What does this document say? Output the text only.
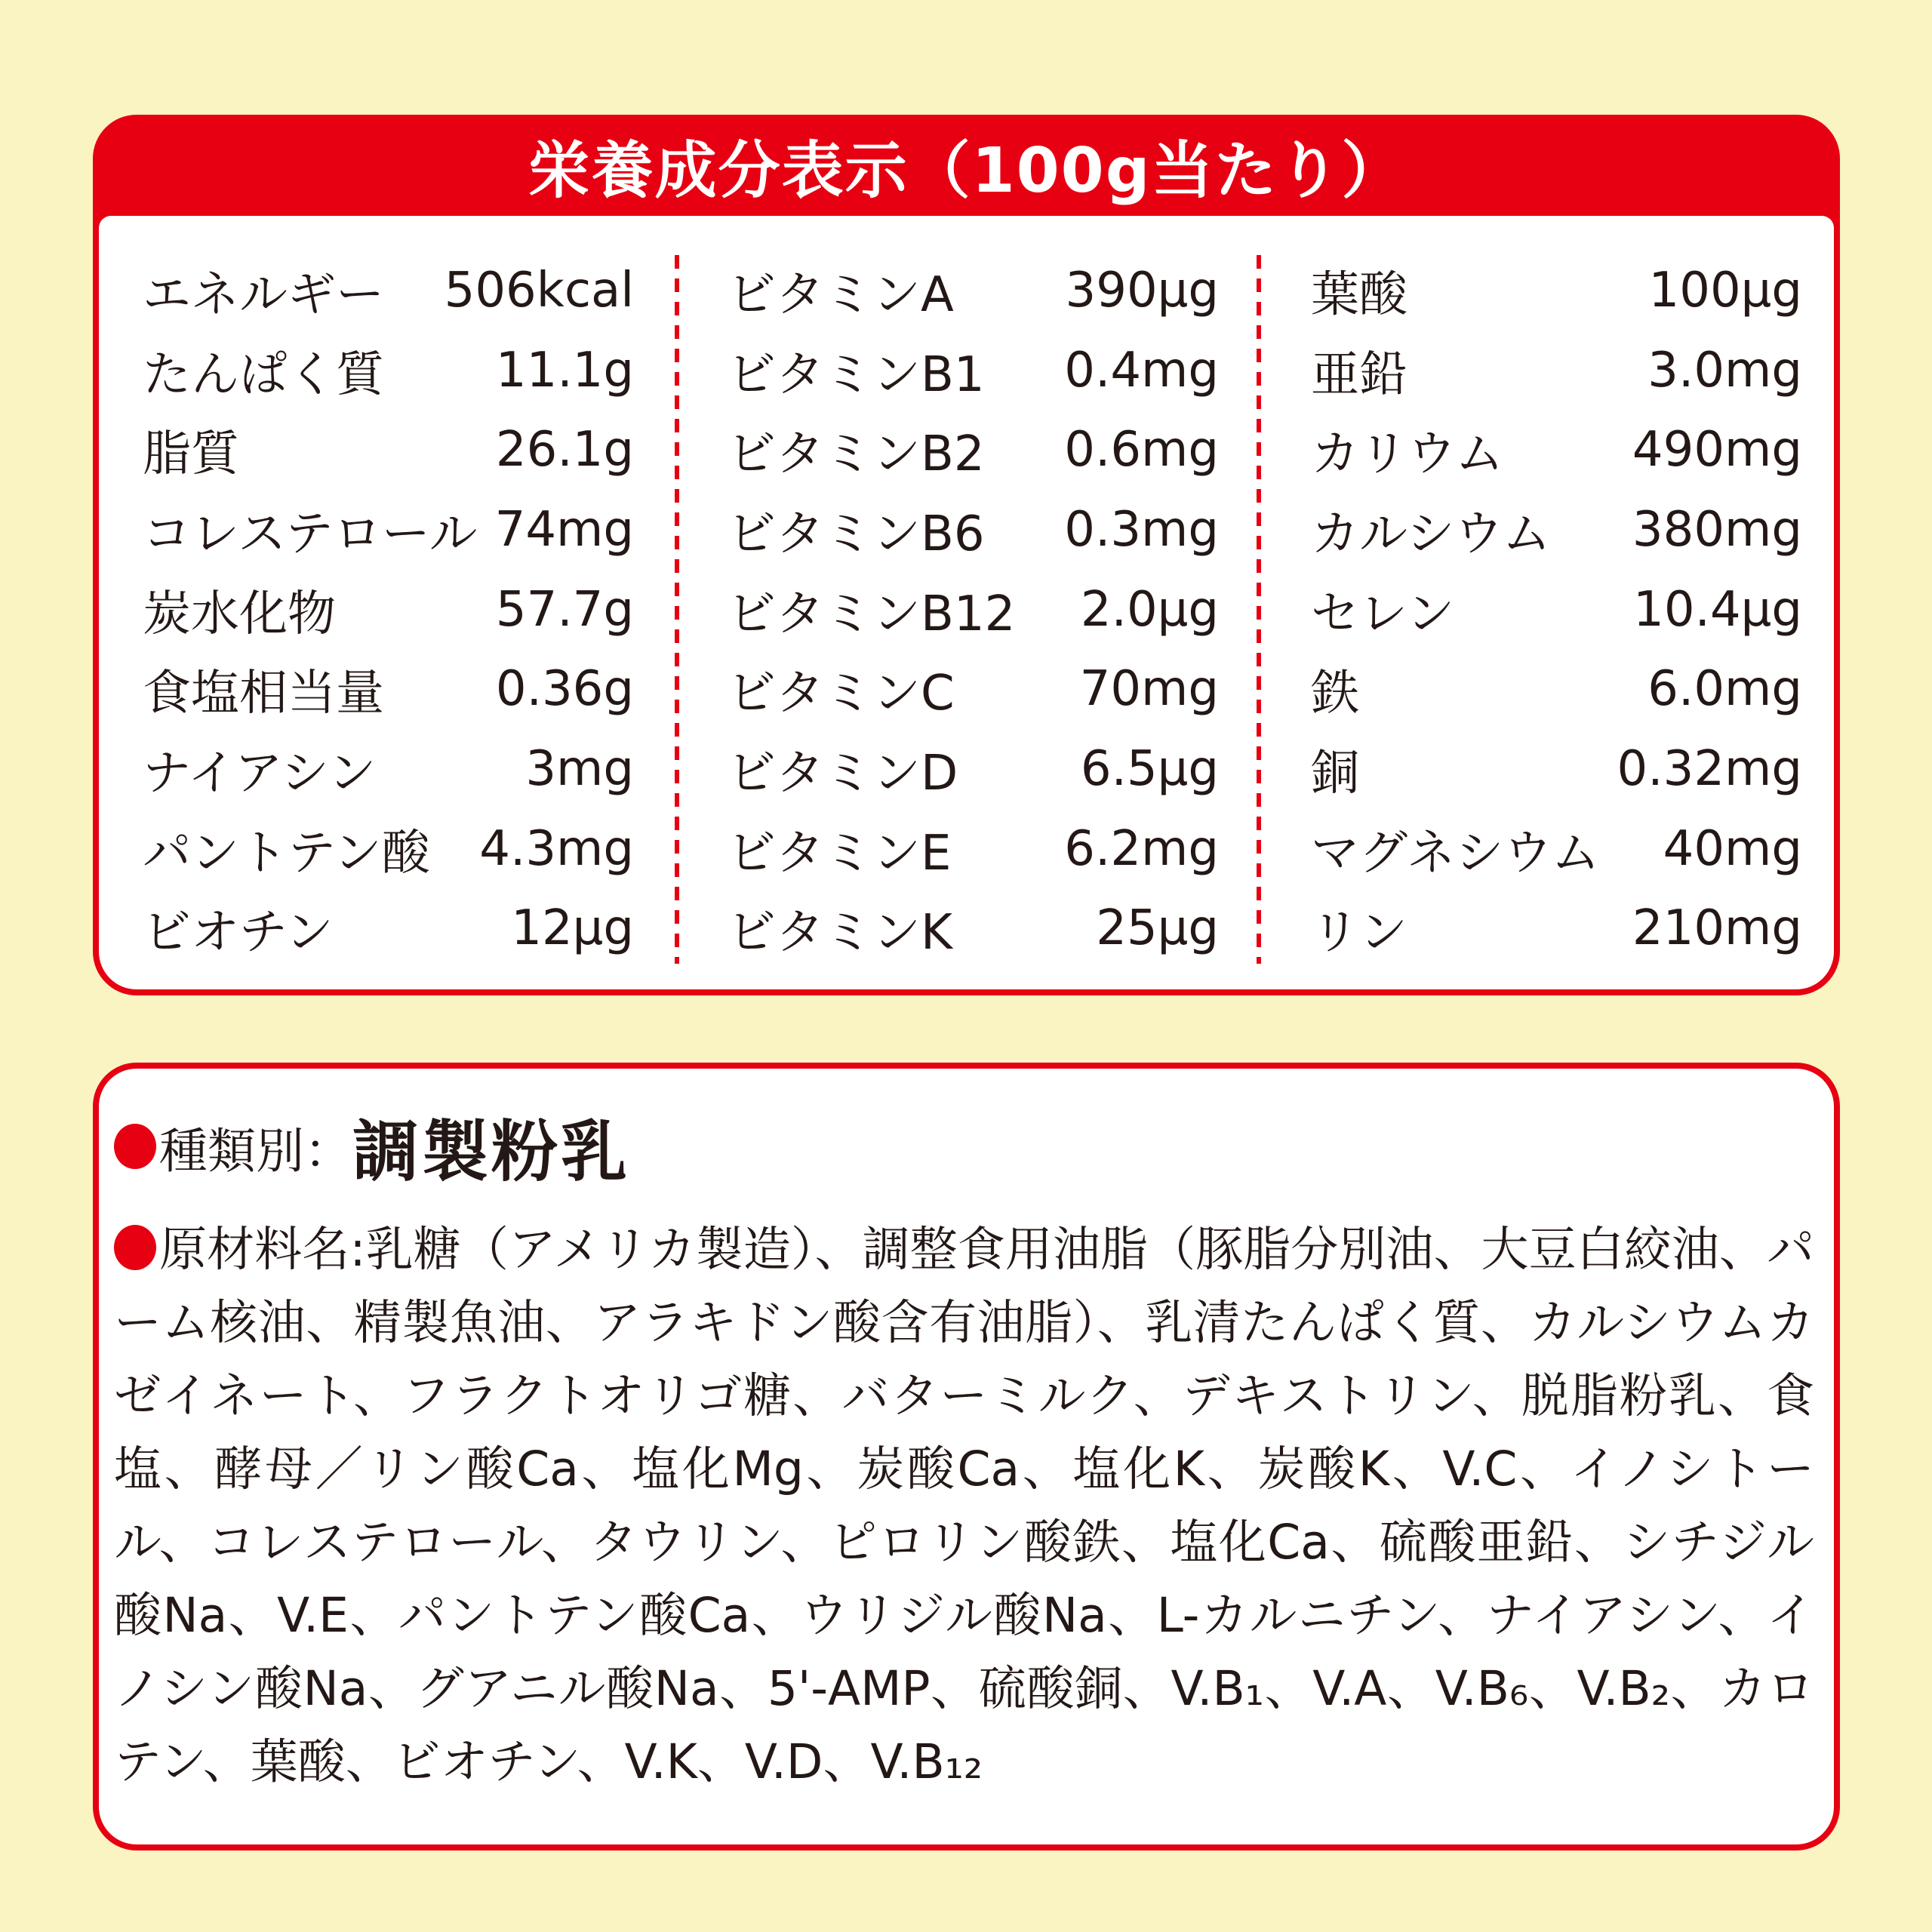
栄養成分表示（100g当たり）
エネルギー 506kcal
たんぱく質 11.1g
脂質	26.1g
コレステロール 74mg
炭水化物	57.7g
食塩相当量 0.36g
ナイアシン	3mg
パントテン酸 4.3mg
ビオチン	12μg
ビタミンA 390μg
ビタミンB1 0.4mg
ビタミンB2 0.6mg
ビタミンB6 0.3mg
ビタミンB12 2.0μg
ビタミンC	70mg
ビタミンD	6.5μg
ビタミンE 6.2mg
ビタミンK	25μg
葉酸	100μg
亜鉛	3.0mg
カリウム	490mg
カルシウム 380mg
セレン	10.4μg
鉄	6.0mg
銅	0.32mg
マグネシウム 40mg
リン	210mg
種類別：調製粉乳

原材料名:乳糖（アメリカ製造）、調整食用油脂（豚脂分別油、大豆白絞油、パーム核油、精製魚油、アラキドン酸含有油脂）、乳清たんぱく質、カルシウムカゼイネート、フラクトオリゴ糖、バターミルク、デキストリン、脱脂粉乳、食塩、酵母／リン酸Ca、塩化Mg、炭酸Ca、塩化K、炭酸K、V.C、イノシトール、コレステロール、タウリン、ピロリン酸鉄、塩化Ca、硫酸亜鉛、シチジル酸Na、V.E、パントテン酸Ca、ウリジル酸Na、L-カルニチン、ナイアシン、イノシン酸Na、グアニル酸Na、5'-AMP、硫酸銅、V.B₁、V.A、V.B₆、V.B₂、カロテン、葉酸、ビオチン、V.K、V.D、V.B₁₂
